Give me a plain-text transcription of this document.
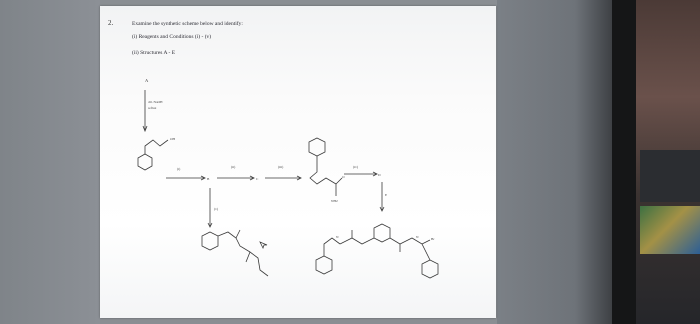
2.	Examine the synthetic scheme below and identify:
(i) Reagents and Conditions (i) - (v)
(ii) Structures A - E
A
dil. NaOH
reflux
OH
(i)
B
(ii)
C
(iii)
O
NH2
(iv)
D
E
(v)
N	N	Br
